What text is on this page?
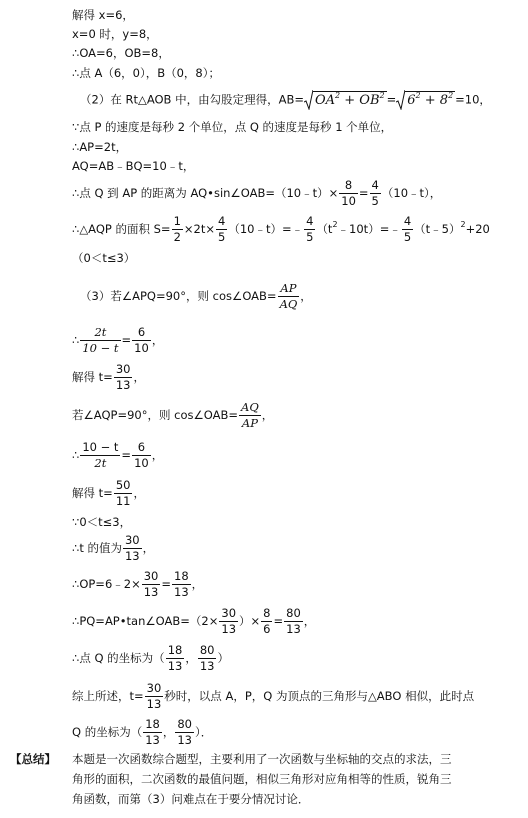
解得 x=6，
x=0 时，y=8，
∴OA=6，OB=8，
∴点 A（6，0），B（0，8）；
（2）在 Rt△AOB 中，由勾股定理得，$AB= OA^2 + OB^2 = 6^2 + 8^2 =10$，
∵点 P 的速度是每秒 2 个单位，点 Q 的速度是每秒 1 个单位，
∴AP=2t，
AQ=AB﹣BQ=10﹣t，
∴点 Q 到 AP 的距离为 AQ•sin∠OAB=（10﹣t）× $\frac{8}{10} = \frac{4}{5}$ （10﹣t），
∴△AQP 的面积 $S= \frac{1}{2} \times 2t\times \frac{4}{5}$ （10﹣t）=﹣ $\frac{4}{5}$ $(t^2﹣10t)=﹣ \frac{4}{5}$ （t﹣5）$^2$+20
（0＜t≤3）
（3）若∠APQ=90°，则 cos∠OAB= $\frac{AP}{AQ}$ ，
∴ $\frac{2t}{10 - t} = \frac{6}{10}$ ，
解得 $t= \frac{30}{13}$ ，
若∠AQP=90°，则 cos∠OAB= $\frac{AQ}{AP}$ ，
∴ $\frac{10 - t}{2t} = \frac{6}{10}$ ，
解得 $t= \frac{50}{11}$ ，
∵0＜t≤3，
∴t 的值为 $\frac{30}{13}$ ，
∴OP=6﹣2× $\frac{30}{13} = \frac{18}{13}$ ，
∴PQ=AP•tan∠OAB=（2× $\frac{30}{13}$ ）× $\frac{8}{6} = \frac{80}{13}$ ，
∴点 Q 的坐标为（ $\frac{18}{13}$ ， $\frac{80}{13}$ ）
综上所述，$t= \frac{30}{13}$ 秒时，以点 A，P，Q 为顶点的三角形与△ABO 相似，此时点
Q 的坐标为（ $\frac{18}{13}$ ， $\frac{80}{13}$ ）．
【总结】 本题是一次函数综合题型，主要利用了一次函数与坐标轴的交点的求法，三
角形的面积，二次函数的最值问题，相似三角形对应角相等的性质，锐角三
角函数，而第（3）问难点在于要分情况讨论．
